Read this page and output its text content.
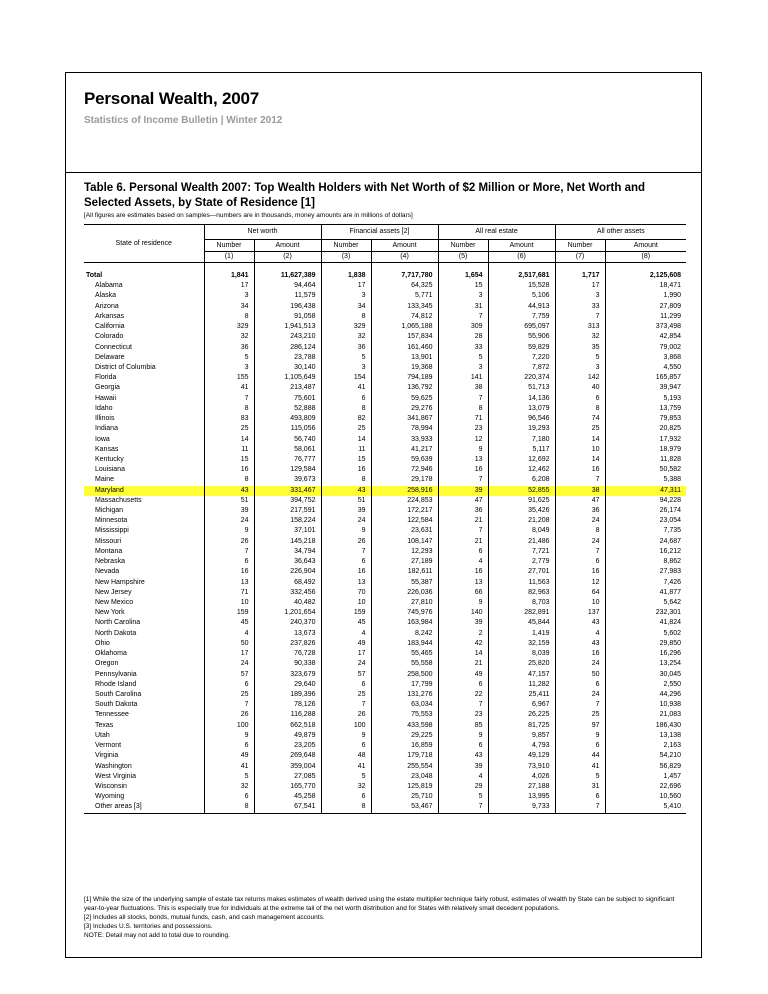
Personal Wealth, 2007
Statistics of Income Bulletin | Winter 2012
Table 6. Personal Wealth 2007: Top Wealth Holders with Net Worth of $2 Million or More, Net Worth and Selected Assets, by State of Residence [1]
[All figures are estimates based on samples—numbers are in thousands, money amounts are in millions of dollars]
State of residence	Net worth		Financial assets [2]		All real estate		All other assets	
	Number	Amount	Number	Amount	Number	Amount	Number	Amount
	(1)	(2)	(3)	(4)	(5)	(6)	(7)	(8)

Total	1,841	11,627,389	1,838	7,717,780	1,654	2,517,681	1,717	2,125,608
Alabama	17	94,464	17	64,325	15	15,528	17	18,471
Alaska	3	11,579	3	5,771	3	5,106	3	1,990
Arizona	34	196,438	34	133,345	31	44,913	33	27,809
Arkansas	8	91,058	8	74,812	7	7,759	7	11,299
California	329	1,941,513	329	1,065,188	309	695,097	313	373,498
Colorado	32	243,210	32	157,834	28	55,906	32	42,854
Connecticut	36	286,124	36	161,460	33	59,829	35	79,002
Delaware	5	23,788	5	13,901	5	7,220	5	3,868
District of Columbia	3	30,140	3	19,368	3	7,872	3	4,550
Florida	155	1,105,649	154	794,189	141	220,374	142	165,857
Georgia	41	213,487	41	136,792	38	51,713	40	39,947
Hawaii	7	75,601	6	59,625	7	14,136	6	5,193
Idaho	8	52,888	8	29,276	8	13,079	8	13,759
Illinois	83	493,809	82	341,867	71	96,546	74	79,853
Indiana	25	115,056	25	78,994	23	19,293	25	20,825
Iowa	14	56,740	14	33,933	12	7,180	14	17,932
Kansas	11	58,061	11	41,217	9	5,117	10	18,979
Kentucky	15	76,777	15	59,639	13	12,692	14	11,828
Louisiana	16	129,584	16	72,946	16	12,462	16	50,582
Maine	8	39,673	8	29,178	7	6,208	7	5,388
Maryland	43	331,467	43	258,916	39	52,855	38	47,311
Massachusetts	51	394,752	51	224,853	47	91,625	47	94,228
Michigan	39	217,591	39	172,217	36	35,426	36	26,174
Minnesota	24	158,224	24	122,584	21	21,208	24	23,054
Mississippi	9	37,101	9	23,631	7	8,049	8	7,735
Missouri	26	145,218	26	108,147	21	21,486	24	24,687
Montana	7	34,794	7	12,293	6	7,721	7	16,212
Nebraska	6	36,643	6	27,189	4	2,779	6	8,862
Nevada	16	226,904	16	182,611	16	27,701	16	27,983
New Hampshire	13	68,492	13	55,387	13	11,563	12	7,426
New Jersey	71	332,456	70	226,036	66	82,963	64	41,877
New Mexico	10	40,482	10	27,810	9	8,703	10	5,642
New York	159	1,201,654	159	745,976	140	282,891	137	232,301
North Carolina	45	240,370	45	163,984	39	45,844	43	41,824
North Dakota	4	13,673	4	8,242	2	1,419	4	5,602
Ohio	50	237,826	49	183,944	42	32,159	43	29,850
Oklahoma	17	76,728	17	55,465	14	8,039	16	16,296
Oregon	24	90,338	24	55,558	21	25,820	24	13,254
Pennsylvania	57	323,679	57	258,500	49	47,157	50	30,045
Rhode Island	6	29,640	6	17,799	6	11,282	6	2,550
South Carolina	25	189,396	25	131,276	22	25,411	24	44,296
South Dakota	7	78,126	7	63,034	7	6,967	7	10,938
Tennessee	26	116,288	26	75,553	23	26,225	25	21,083
Texas	100	662,518	100	433,598	85	81,725	97	186,430
Utah	9	49,879	9	29,225	9	9,857	9	13,138
Vermont	6	23,205	6	16,859	6	4,793	6	2,163
Virginia	49	269,648	48	179,718	43	49,129	44	54,210
Washington	41	359,004	41	255,554	39	73,910	41	56,829
West Virginia	5	27,085	5	23,048	4	4,026	5	1,457
Wisconsin	32	165,770	32	125,819	29	27,188	31	22,696
Wyoming	6	45,258	6	25,710	5	13,995	6	10,560
Other areas [3]	8	67,541	8	53,467	7	9,733	7	5,410

[1] While the size of the underlying sample of estate tax returns makes estimates of wealth derived using the estate multiplier technique fairly robust, estimates of wealth by State can be subject to significant year-to-year fluctuations. This is especially true for individuals at the extreme tail of the net worth distribution and for States with relatively small decedent populations.

[2] Includes all stocks, bonds, mutual funds, cash, and cash management accounts.

[3] Includes U.S. territories and possessions.

NOTE: Detail may not add to total due to rounding.
